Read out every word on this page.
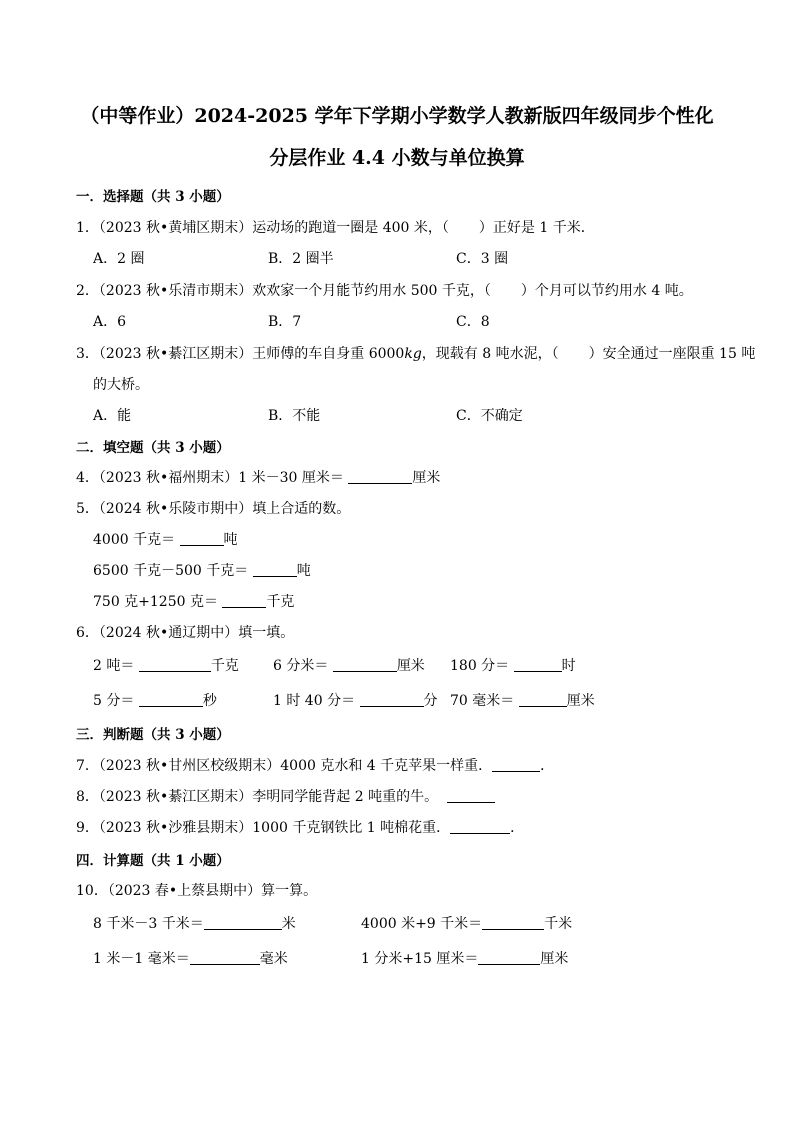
（中等作业）2024-2025 学年下学期小学数学人教新版四年级同步个性化
分层作业 4.4 小数与单位换算
一．选择题（共 3 小题）
1．（2023 秋•黄埔区期末）运动场的跑道一圈是 400 米，（ ）正好是 1 千米．
A．2 圈	B．2 圈半	C．3 圈
2．（2023 秋•乐清市期末）欢欢家一个月能节约用水 500 千克，（ ）个月可以节约用水 4 吨。
A．6	B．7	C．8
3．（2023 秋•綦江区期末）王师傅的车自身重 6000kg，现载有 8 吨水泥，（ ）安全通过一座限重 15 吨
的大桥。
A．能	B．不能	C．不确定
二．填空题（共 3 小题）
4．（2023 秋•福州期末）1 米－30 厘米＝	厘米
5．（2024 秋•乐陵市期中）填上合适的数。
4000 千克＝	吨
6500 千克－500 千克＝	吨
750 克+1250 克＝	千克
6．（2024 秋•通辽期中）填一填。
2 吨＝	千克 6 分米＝	厘米 180 分＝	时
5 分＝	秒	1 时 40 分＝	分 70 毫米＝	厘米
三．判断题（共 3 小题）
7．（2023 秋•甘州区校级期末）4000 克水和 4 千克苹果一样重．	．
8．（2023 秋•綦江区期末）李明同学能背起 2 吨重的牛。
9．（2023 秋•沙雅县期末）1000 千克钢铁比 1 吨棉花重．	．
四．计算题（共 1 小题）
10．（2023 春•上蔡县期中）算一算。
8 千米－3 千米＝	米	4000 米+9 千米＝	千米
1 米－1 毫米＝	毫米	1 分米+15 厘米＝	厘米
